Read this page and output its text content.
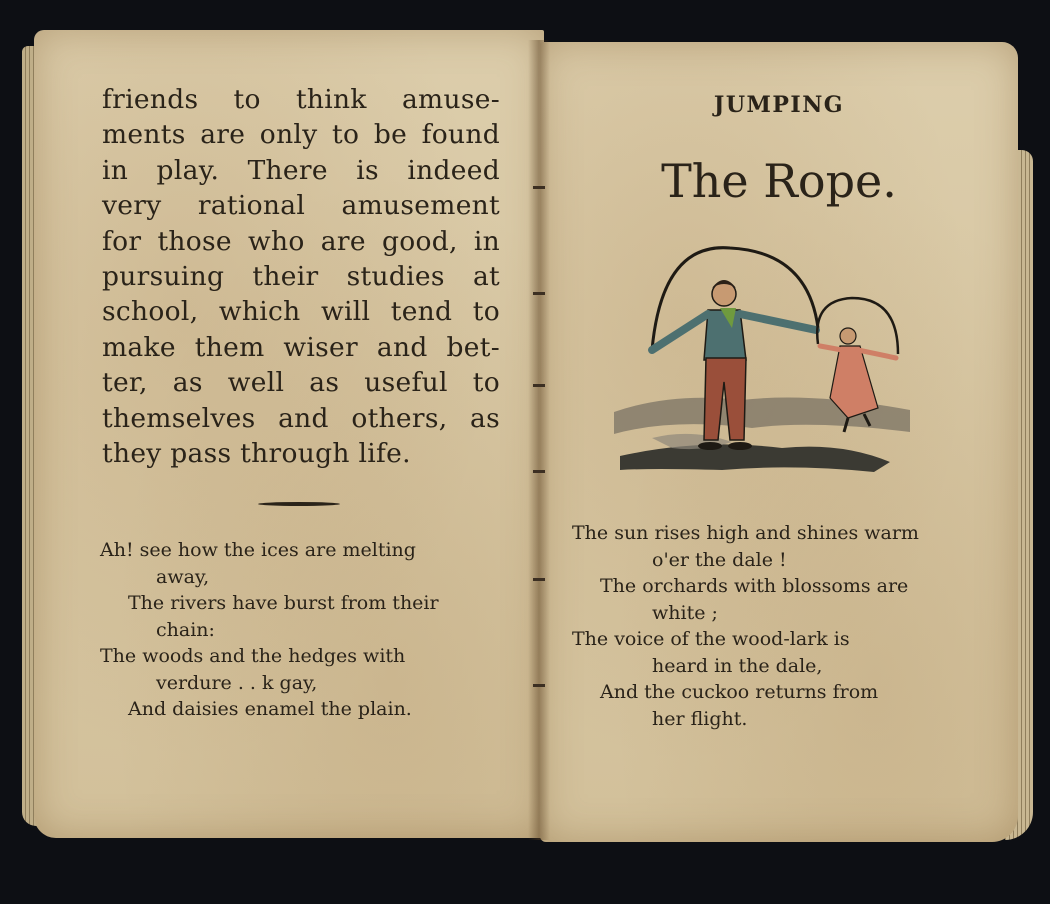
friends to think amuse-
ments are only to be found
in play. There is indeed
very rational amusement
for those who are good, in
pursuing their studies at
school, which will tend to
make them wiser and bet-
ter, as well as useful to
themselves and others, as
they pass through life.
Ah! see how the ices are melting
away,
The rivers have burst from their
chain:
The woods and the hedges with
verdure . . k gay,
And daisies enamel the plain.
JUMPING
The Rope.
The sun rises high and shines warm
o'er the dale !
The orchards with blossoms are
white ;
The voice of the wood-lark is
heard in the dale,
And the cuckoo returns from
her flight.
